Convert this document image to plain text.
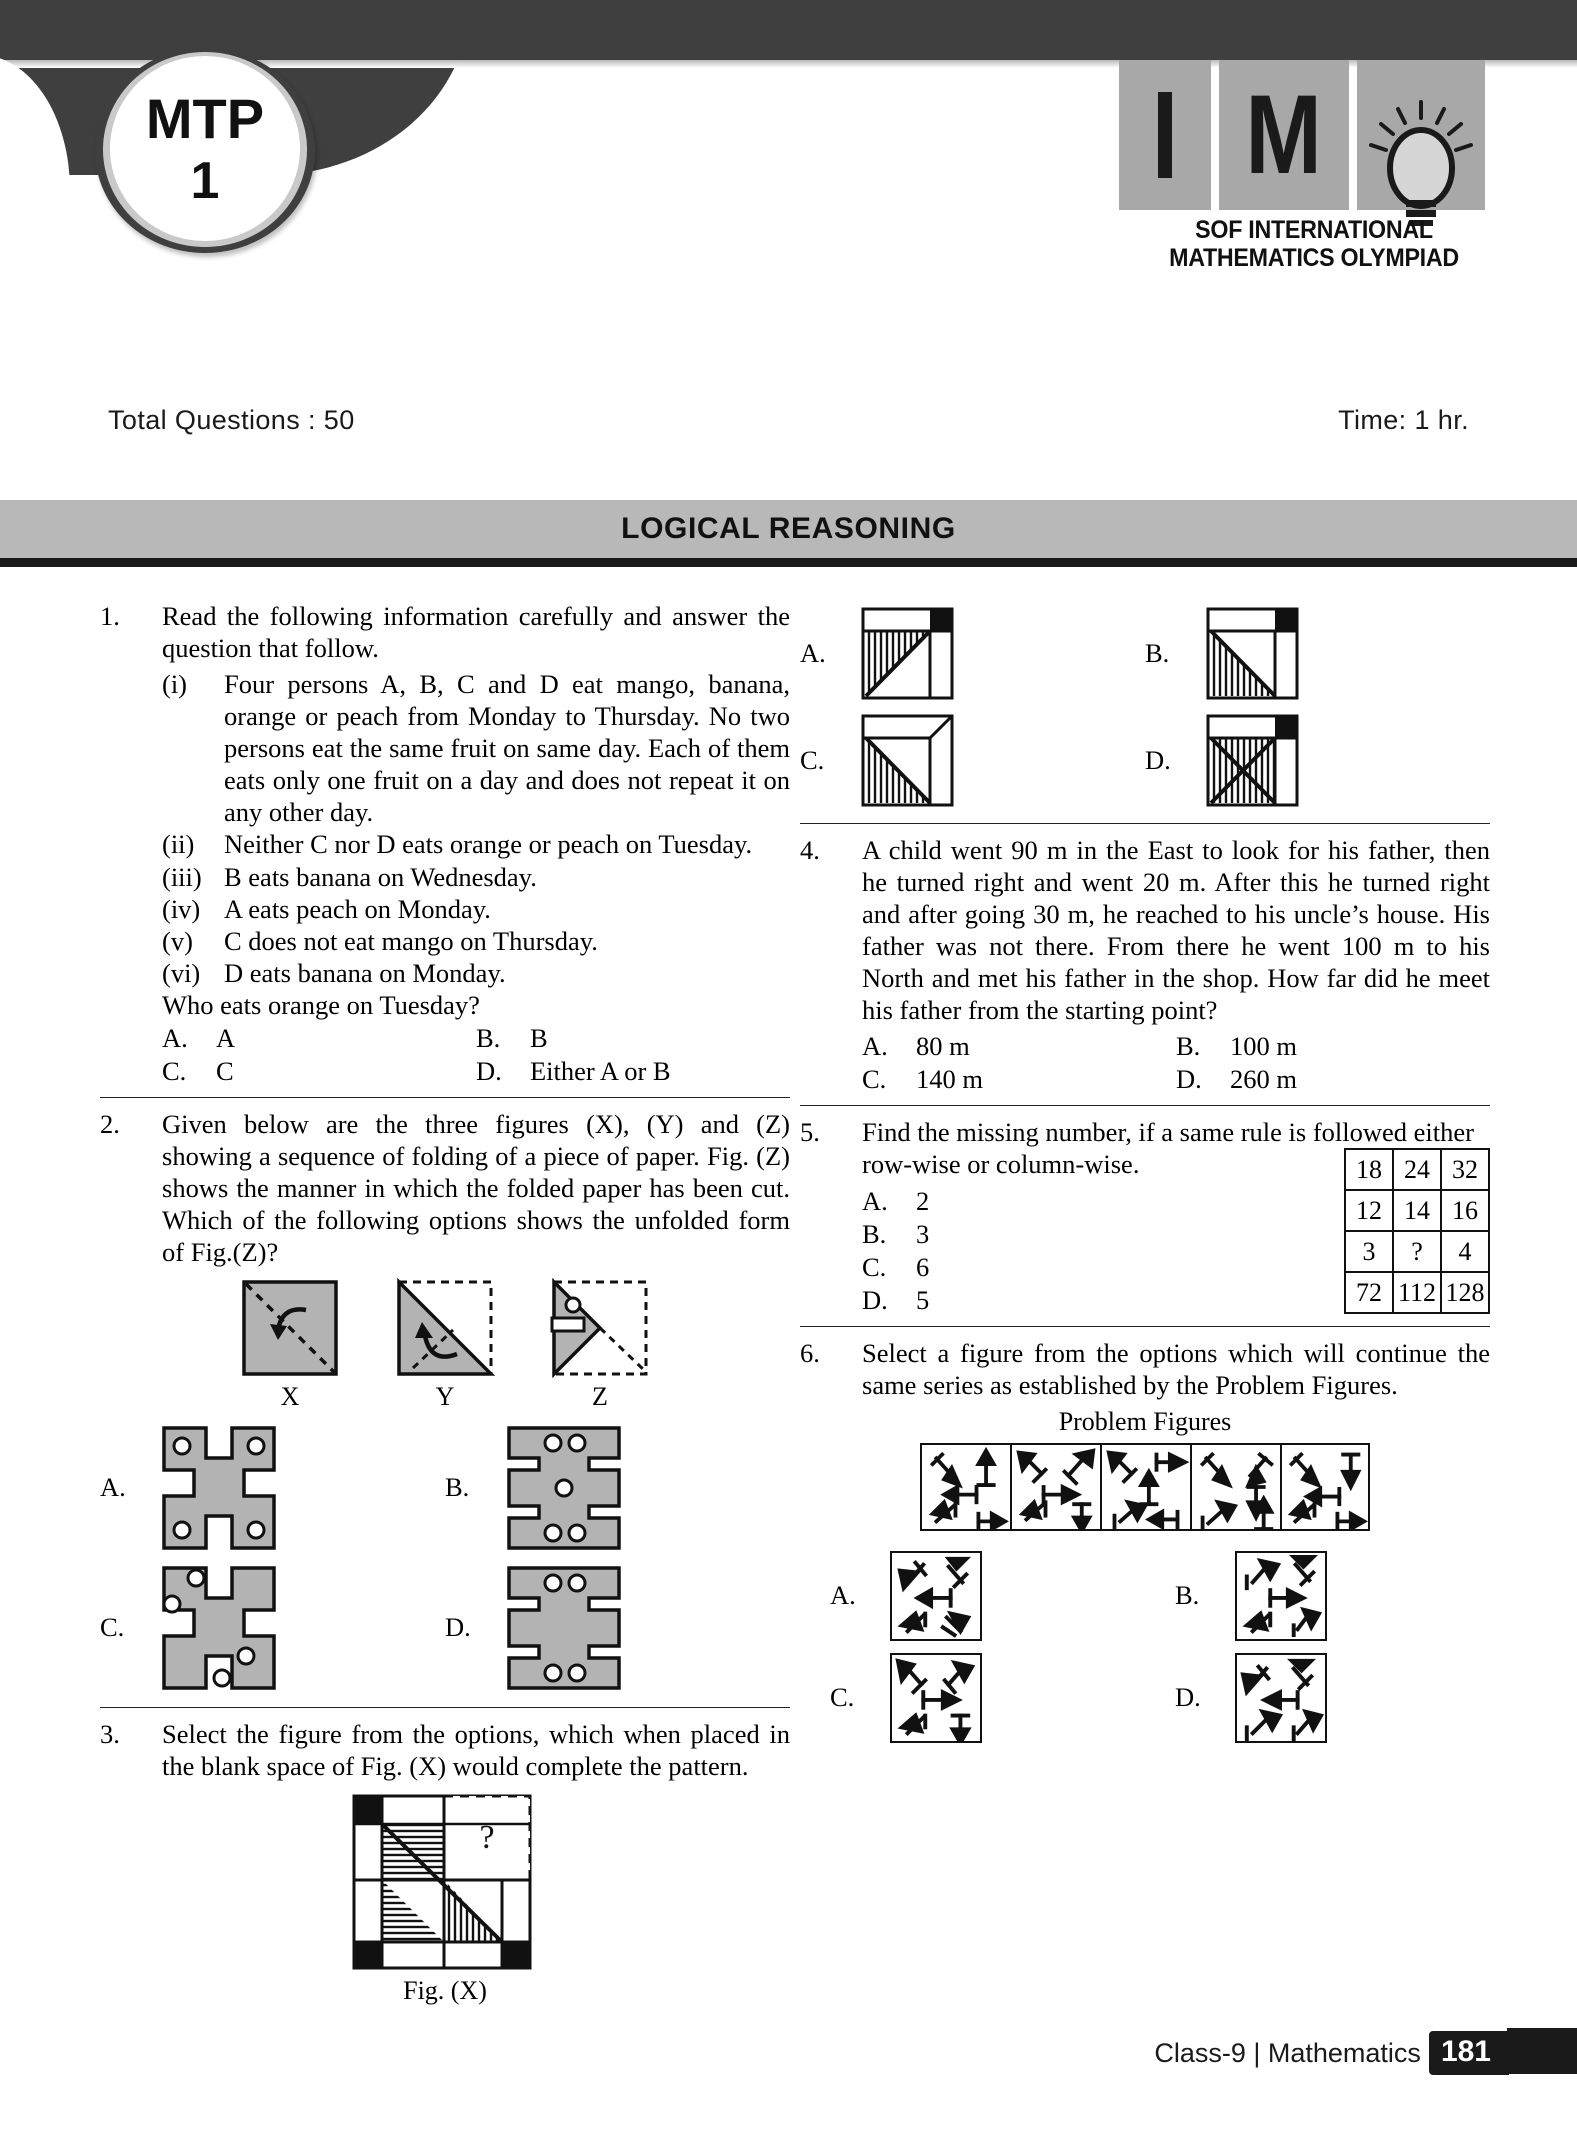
MTP
1	M
SOF INTERNATIONAL
MATHEMATICS OLYMPIAD
Total Questions : 50	Time: 1 hr.
LOGICAL REASONING
1.	Read the following information carefully and answer the question that follow.
(i)	Four persons A, B, C and D eat mango, banana, orange or peach from Monday to Thursday. No two persons eat the same fruit on same day. Each of them eats only one fruit on a day and does not repeat it on any other day.
(ii)	Neither C nor D eats orange or peach on Tuesday.
(iii) B eats banana on Wednesday.
(iv) A eats peach on Monday.
(v)	C does not eat mango on Thursday.
(vi) D eats banana on Monday.
Who eats orange on Tuesday?
A.	A	B.	B
C.	C	D.	Either A or B
2.	Given below are the three figures (X), (Y) and (Z) showing a sequence of folding of a piece of paper. Fig. (Z) shows the manner in which the folded paper has been cut. Which of the following options shows the unfolded form of Fig.(Z)?
X	Y	Z
A.	B.
C.	D.
3.	Select the figure from the options, which when placed in the blank space of Fig. (X) would complete the pattern.
?
Fig. (X)
A.	B.
C.	D.
4.	A child went 90 m in the East to look for his father, then he turned right and went 20 m. After this he turned right and after going 30 m, he reached to his uncle’s house. His father was not there. From there he went 100 m to his North and met his father in the shop. How far did he meet his father from the starting point?
A.	80 m	B.	100 m
C.	140 m	D.	260 m
5.	Find the missing number, if a same rule is followed either row-wise or column-wise.
A.	2
B.	3
C.	6
D.	5
18	24	32
12	14	16
3	?	4
72	112	128
6.	Select a figure from the options which will continue the same series as established by the Problem Figures.
Problem Figures
A.	B.
C.	D.
Class-9 | Mathematics 181
